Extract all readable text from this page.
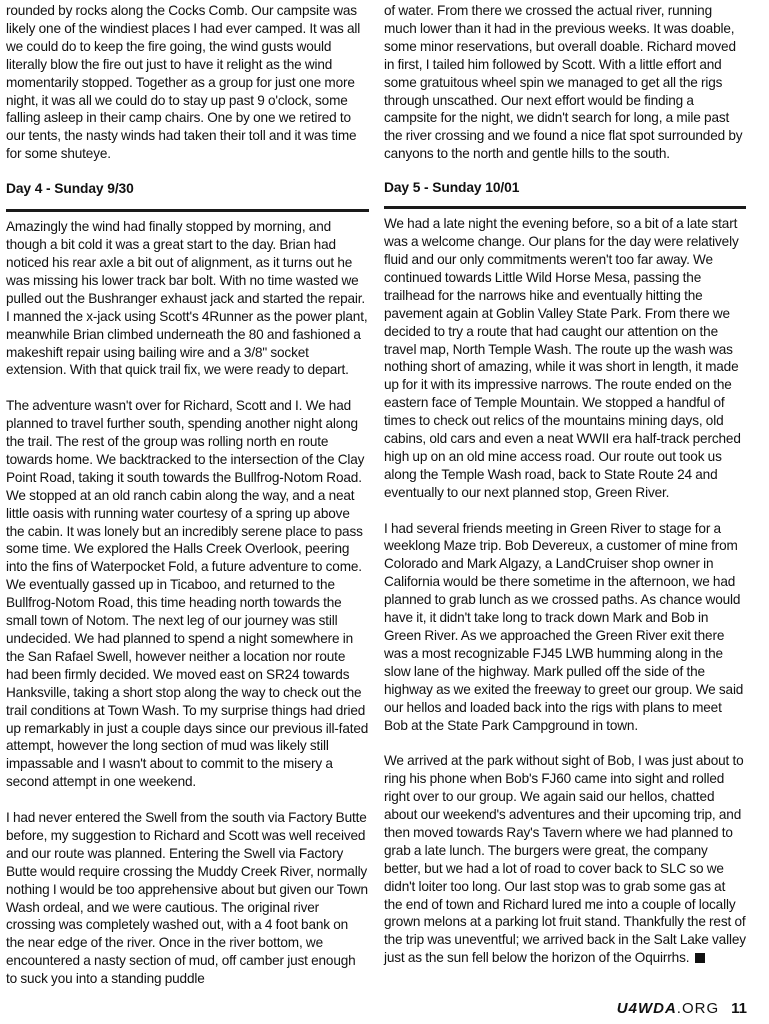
rounded by rocks along the Cocks Comb. Our campsite was likely one of the windiest places I had ever camped. It was all we could do to keep the fire going, the wind gusts would literally blow the fire out just to have it relight as the wind momentarily stopped. Together as a group for just one more night, it was all we could do to stay up past 9 o'clock, some falling asleep in their camp chairs. One by one we retired to our tents, the nasty winds had taken their toll and it was time for some shuteye.

Day 4 - Sunday 9/30

Amazingly the wind had finally stopped by morning, and though a bit cold it was a great start to the day. Brian had noticed his rear axle a bit out of alignment, as it turns out he was missing his lower track bar bolt. With no time wasted we pulled out the Bushranger exhaust jack and started the repair. I manned the x-jack using Scott's 4Runner as the power plant, meanwhile Brian climbed underneath the 80 and fashioned a makeshift repair using bailing wire and a 3/8" socket extension. With that quick trail fix, we were ready to depart.

The adventure wasn't over for Richard, Scott and I. We had planned to travel further south, spending another night along the trail. The rest of the group was rolling north en route towards home. We backtracked to the intersection of the Clay Point Road, taking it south towards the Bullfrog-Notom Road. We stopped at an old ranch cabin along the way, and a neat little oasis with running water courtesy of a spring up above the cabin. It was lonely but an incredibly serene place to pass some time. We explored the Halls Creek Overlook, peering into the fins of Waterpocket Fold, a future adventure to come. We eventually gassed up in Ticaboo, and returned to the Bullfrog-Notom Road, this time heading north towards the small town of Notom. The next leg of our journey was still undecided. We had planned to spend a night somewhere in the San Rafael Swell, however neither a location nor route had been firmly decided. We moved east on SR24 towards Hanksville, taking a short stop along the way to check out the trail conditions at Town Wash. To my surprise things had dried up remarkably in just a couple days since our previous ill-fated attempt, however the long section of mud was likely still impassable and I wasn't about to commit to the misery a second attempt in one weekend.

I had never entered the Swell from the south via Factory Butte before, my suggestion to Richard and Scott was well received and our route was planned. Entering the Swell via Factory Butte would require crossing the Muddy Creek River, normally nothing I would be too apprehensive about but given our Town Wash ordeal, and we were cautious. The original river crossing was completely washed out, with a 4 foot bank on the near edge of the river. Once in the river bottom, we encountered a nasty section of mud, off camber just enough to suck you into a standing puddle

of water. From there we crossed the actual river, running much lower than it had in the previous weeks. It was doable, some minor reservations, but overall doable. Richard moved in first, I tailed him followed by Scott. With a little effort and some gratuitous wheel spin we managed to get all the rigs through unscathed. Our next effort would be finding a campsite for the night, we didn't search for long, a mile past the river crossing and we found a nice flat spot surrounded by canyons to the north and gentle hills to the south.

Day 5 - Sunday 10/01

We had a late night the evening before, so a bit of a late start was a welcome change. Our plans for the day were relatively fluid and our only commitments weren't too far away. We continued towards Little Wild Horse Mesa, passing the trailhead for the narrows hike and eventually hitting the pavement again at Goblin Valley State Park. From there we decided to try a route that had caught our attention on the travel map, North Temple Wash. The route up the wash was nothing short of amazing, while it was short in length, it made up for it with its impressive narrows. The route ended on the eastern face of Temple Mountain. We stopped a handful of times to check out relics of the mountains mining days, old cabins, old cars and even a neat WWII era half-track perched high up on an old mine access road. Our route out took us along the Temple Wash road, back to State Route 24 and eventually to our next planned stop, Green River.

I had several friends meeting in Green River to stage for a weeklong Maze trip. Bob Devereux, a customer of mine from Colorado and Mark Algazy, a LandCruiser shop owner in California would be there sometime in the afternoon, we had planned to grab lunch as we crossed paths. As chance would have it, it didn't take long to track down Mark and Bob in Green River. As we approached the Green River exit there was a most recognizable FJ45 LWB humming along in the slow lane of the highway. Mark pulled off the side of the highway as we exited the freeway to greet our group. We said our hellos and loaded back into the rigs with plans to meet Bob at the State Park Campground in town.

We arrived at the park without sight of Bob, I was just about to ring his phone when Bob's FJ60 came into sight and rolled right over to our group. We again said our hellos, chatted about our weekend's adventures and their upcoming trip, and then moved towards Ray's Tavern where we had planned to grab a late lunch. The burgers were great, the company better, but we had a lot of road to cover back to SLC so we didn't loiter too long. Our last stop was to grab some gas at the end of town and Richard lured me into a couple of locally grown melons at a parking lot fruit stand. Thankfully the rest of the trip was uneventful; we arrived back in the Salt Lake valley just as the sun fell below the horizon of the Oquirrhs.

U4WDA.ORG 11
